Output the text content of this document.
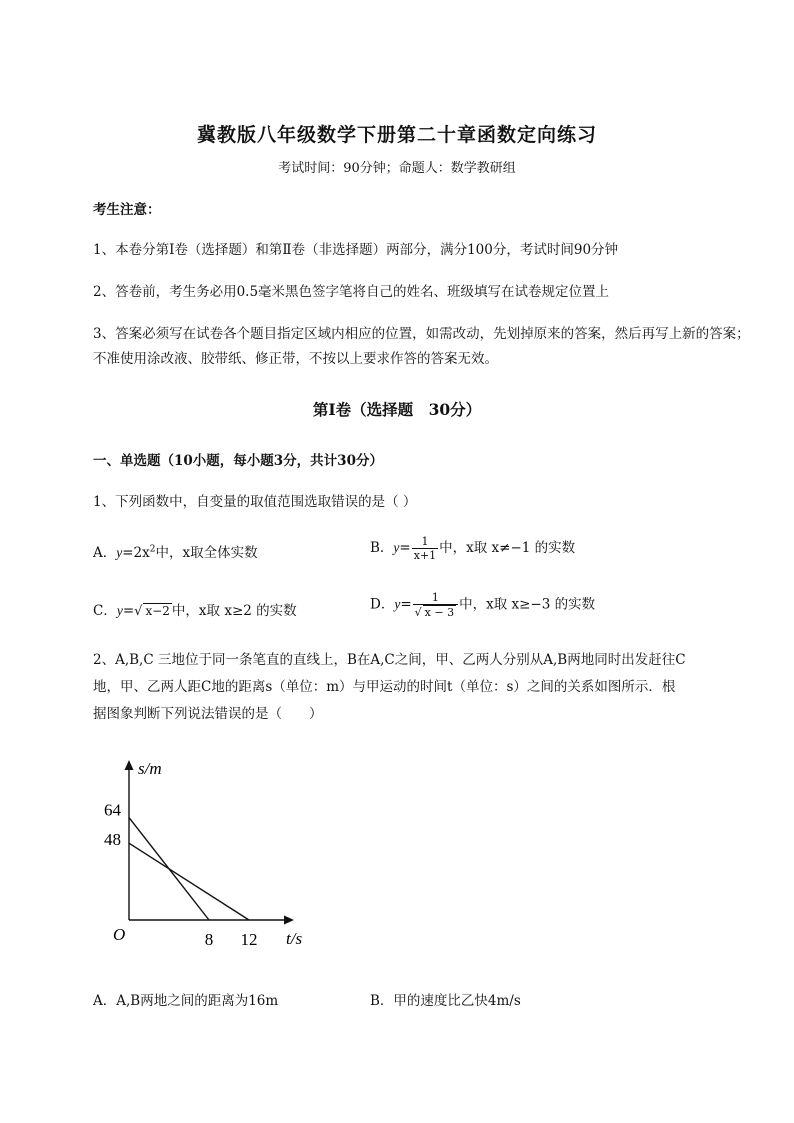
冀教版八年级数学下册第二十章函数定向练习
考试时间：90分钟；命题人：数学教研组
考生注意：
1、本卷分第I卷（选择题）和第Ⅱ卷（非选择题）两部分，满分100分，考试时间90分钟
2、答卷前，考生务必用0.5毫米黑色签字笔将自己的姓名、班级填写在试卷规定位置上
3、答案必须写在试卷各个题目指定区域内相应的位置，如需改动，先划掉原来的答案，然后再写上新的答案；不准使用涂改液、胶带纸、修正带，不按以上要求作答的答案无效。
第I卷（选择题　30分）
一、单选题（10小题，每小题3分，共计30分）
1、下列函数中，自变量的取值范围选取错误的是（ ）
A．$y=2x^2$中，x取全体实数	B．$y= \frac{1}{x+1}$ 中，x取 x≠−1 的实数
C．y=√ x−2 中，x取 x≥2 的实数	D．$y= \frac{1}{√ x - 3}$ 中，x取 x≥−3 的实数
2、A,B,C 三地位于同一条笔直的直线上，B在A,C之间，甲、乙两人分别从A,B两地同时出发赶往C
地，甲、乙两人距C地的距离s（单位：m）与甲运动的时间t（单位：s）之间的关系如图所示．根
据图象判断下列说法错误的是（　　）
s/m
t/s
O
64
48
8 12
A．A,B两地之间的距离为16m	B．甲的速度比乙快4m/s
